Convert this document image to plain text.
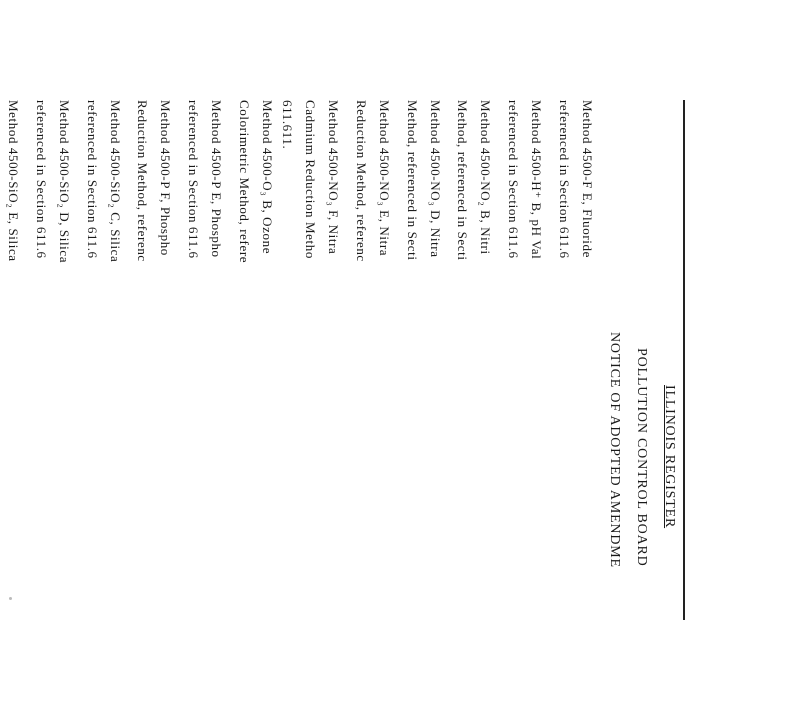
ILLINOIS REGISTER
POLLUTION CONTROL BOARD
NOTICE OF ADOPTED AMENDME
Method 4500-F E, Fluoride
referenced in Section 611.6
Method 4500-H⁺ B, pH Val
referenced in Section 611.6
Method 4500-NO₂ B, Nitri
Method, referenced in Secti
Method 4500-NO₃ D, Nitra
Method, referenced in Secti
Method 4500-NO₃ E, Nitra
Reduction Method, referenc
Method 4500-NO₃ F, Nitra
Cadmium Reduction Metho
611.611.
Method 4500-O₃ B, Ozone
Colorimetric Method, refere
Method 4500-P E, Phospho
referenced in Section 611.6
Method 4500-P F, Phospho
Reduction Method, referenc
Method 4500-SiO₂ C, Silica
referenced in Section 611.6
Method 4500-SiO₂ D, Silica
referenced in Section 611.6
Method 4500-SiO₂ E, Silica
